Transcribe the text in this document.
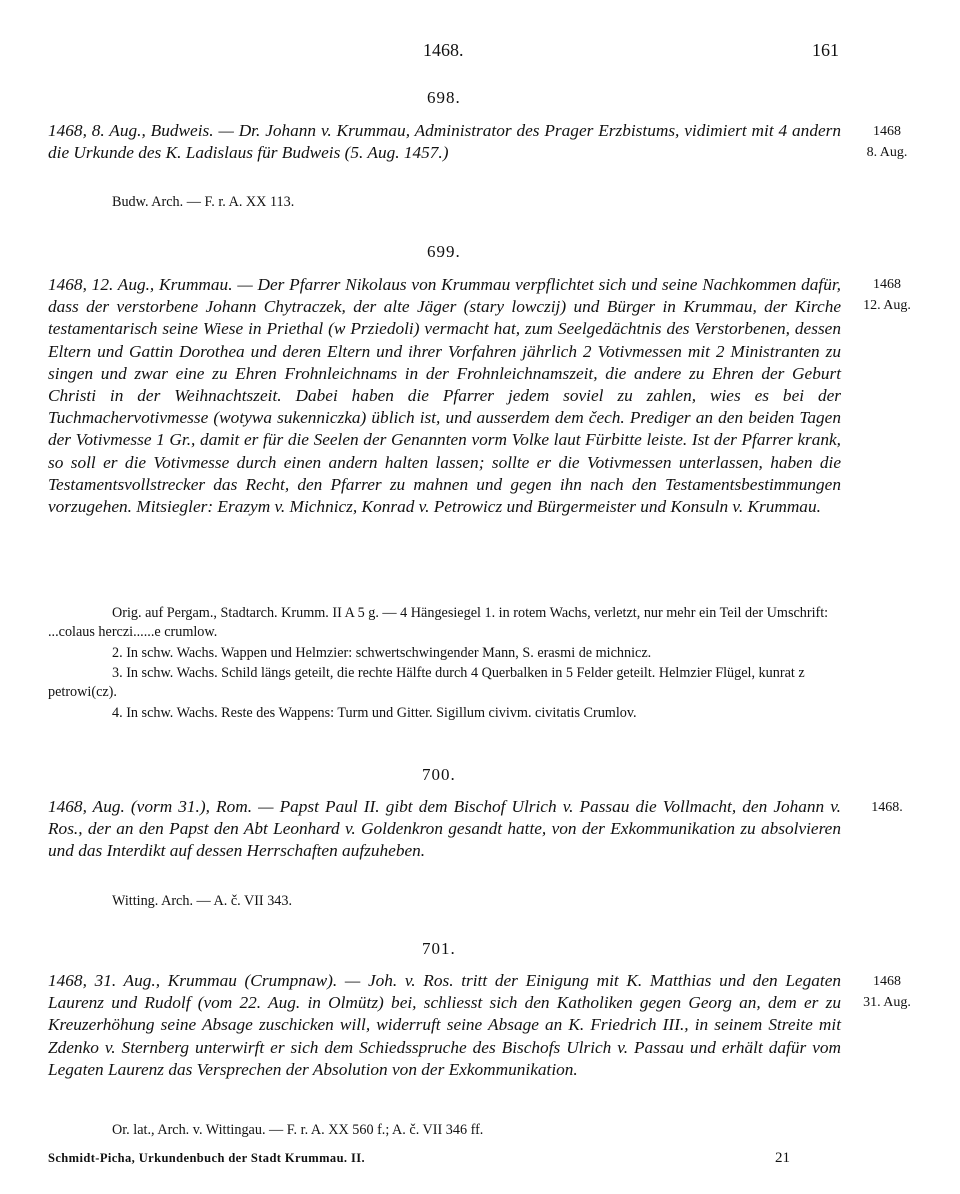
1468.	161
698.
1468, 8. Aug., Budweis. — Dr. Johann v. Krummau, Administrator des Prager Erzbistums, vidimiert mit 4 andern die Urkunde des K. Ladislaus für Budweis (5. Aug. 1457.)
Budw. Arch. — F. r. A. XX 113.
1468
8. Aug.
699.
1468, 12. Aug., Krummau. — Der Pfarrer Nikolaus von Krummau verpflichtet sich und seine Nachkommen dafür, dass der verstorbene Johann Chytraczek, der alte Jäger (stary lowczij) und Bürger in Krummau, der Kirche testamentarisch seine Wiese in Priethal (w Prziedoli) vermacht hat, zum Seelgedächtnis des Verstorbenen, dessen Eltern und Gattin Dorothea und deren Eltern und ihrer Vorfahren jährlich 2 Votivmessen mit 2 Ministranten zu singen und zwar eine zu Ehren Frohnleichnams in der Frohnleichnamszeit, die andere zu Ehren der Geburt Christi in der Weihnachtszeit. Dabei haben die Pfarrer jedem soviel zu zahlen, wies es bei der Tuchmachervotivmesse (wotywa sukenniczka) üblich ist, und ausserdem dem čech. Prediger an den beiden Tagen der Votivmesse 1 Gr., damit er für die Seelen der Genannten vorm Volke laut Fürbitte leiste. Ist der Pfarrer krank, so soll er die Votivmesse durch einen andern halten lassen; sollte er die Votivmessen unterlassen, haben die Testamentsvollstrecker das Recht, den Pfarrer zu mahnen und gegen ihn nach den Testamentsbestimmungen vorzugehen. Mitsiegler: Erazym v. Michnicz, Konrad v. Petrowicz und Bürgermeister und Konsuln v. Krummau.
1468
12. Aug.
Orig. auf Pergam., Stadtarch. Krumm. II A 5 g. — 4 Hängesiegel 1. in rotem Wachs, verletzt, nur mehr ein Teil der Umschrift: ...colaus herczi......e crumlow.
2. In schw. Wachs. Wappen und Helmzier: schwertschwingender Mann, S. erasmi de michnicz.
3. In schw. Wachs. Schild längs geteilt, die rechte Hälfte durch 4 Querbalken in 5 Felder geteilt. Helmzier Flügel, kunrat z petrowi(cz).
4. In schw. Wachs. Reste des Wappens: Turm und Gitter. Sigillum civivm. civitatis Crumlov.
700.
1468, Aug. (vorm 31.), Rom. — Papst Paul II. gibt dem Bischof Ulrich v. Passau die Vollmacht, den Johann v. Ros., der an den Papst den Abt Leonhard v. Goldenkron gesandt hatte, von der Exkommunikation zu absolvieren und das Interdikt auf dessen Herrschaften aufzuheben.
1468.
Witting. Arch. — A. č. VII 343.
701.
1468, 31. Aug., Krummau (Crumpnaw). — Joh. v. Ros. tritt der Einigung mit K. Matthias und den Legaten Laurenz und Rudolf (vom 22. Aug. in Olmütz) bei, schliesst sich den Katholiken gegen Georg an, dem er zu Kreuzerhöhung seine Absage zuschicken will, widerruft seine Absage an K. Friedrich III., in seinem Streite mit Zdenko v. Sternberg unterwirft er sich dem Schiedsspruche des Bischofs Ulrich v. Passau und erhält dafür vom Legaten Laurenz das Versprechen der Absolution von der Exkommunikation.
1468
31. Aug.
Or. lat., Arch. v. Wittingau. — F. r. A. XX 560 f.; A. č. VII 346 ff.
Schmidt-Picha, Urkundenbuch der Stadt Krummau. II.	21
